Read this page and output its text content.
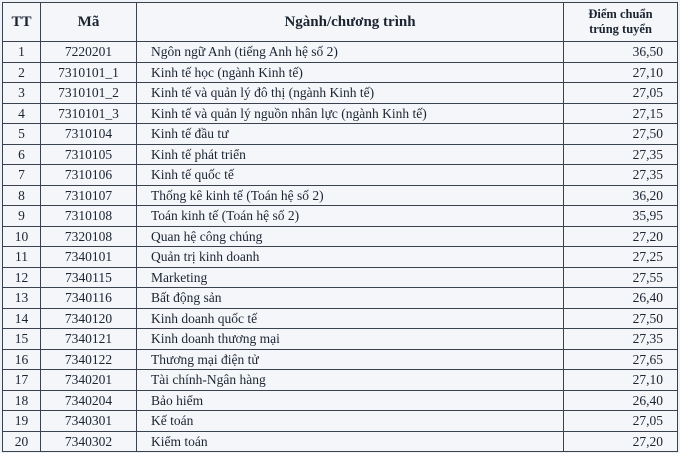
TT	Mã	Ngành/chương trình	Điểm chuẩn
trúng tuyển
1	7220201	Ngôn ngữ Anh (tiếng Anh hệ số 2)	36,50
2	7310101_1	Kinh tế học (ngành Kinh tế)	27,10
3	7310101_2	Kinh tế và quản lý đô thị (ngành Kinh tế)	27,05
4	7310101_3	Kinh tế và quản lý nguồn nhân lực (ngành Kinh tế)	27,15
5	7310104	Kinh tế đầu tư	27,50
6	7310105	Kinh tế phát triển	27,35
7	7310106	Kinh tế quốc tế	27,35
8	7310107	Thống kê kinh tế (Toán hệ số 2)	36,20
9	7310108	Toán kinh tế (Toán hệ số 2)	35,95
10	7320108	Quan hệ công chúng	27,20
11	7340101	Quản trị kinh doanh	27,25
12	7340115	Marketing	27,55
13	7340116	Bất động sản	26,40
14	7340120	Kinh doanh quốc tế	27,50
15	7340121	Kinh doanh thương mại	27,35
16	7340122	Thương mại điện tử	27,65
17	7340201	Tài chính-Ngân hàng	27,10
18	7340204	Bảo hiểm	26,40
19	7340301	Kế toán	27,05
20	7340302	Kiểm toán	27,20
